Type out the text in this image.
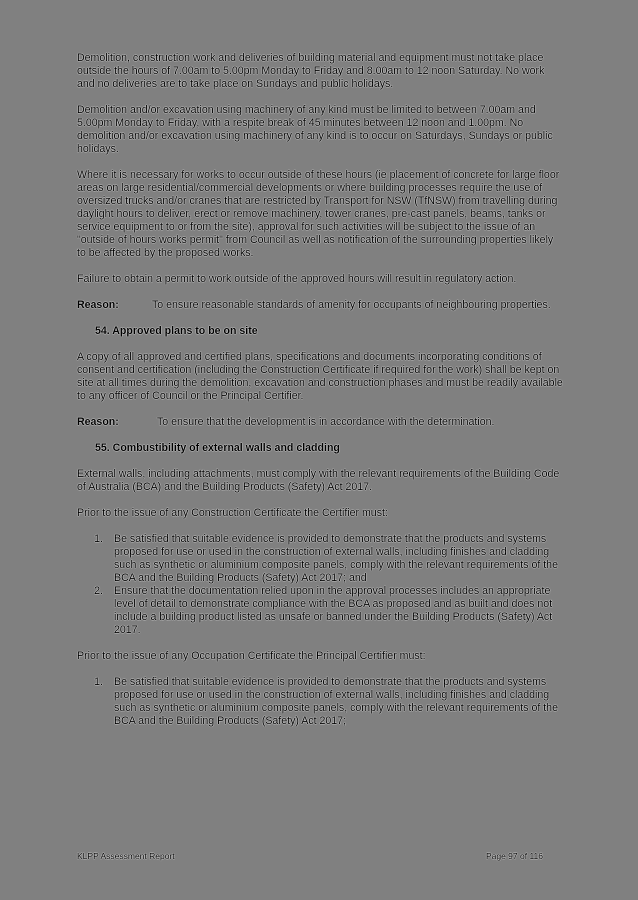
Demolition, construction work and deliveries of building material and equipment must not take place outside the hours of 7.00am to 5.00pm Monday to Friday and 8.00am to 12 noon Saturday. No work and no deliveries are to take place on Sundays and public holidays.

Demolition and/or excavation using machinery of any kind must be limited to between 7.00am and 5.00pm Monday to Friday, with a respite break of 45 minutes between 12 noon and 1.00pm. No demolition and/or excavation using machinery of any kind is to occur on Saturdays, Sundays or public holidays.

Where it is necessary for works to occur outside of these hours (ie placement of concrete for large floor areas on large residential/commercial developments or where building processes require the use of oversized trucks and/or cranes that are restricted by Transport for NSW (TfNSW) from travelling during daylight hours to deliver, erect or remove machinery, tower cranes, pre-cast panels, beams, tanks or service equipment to or from the site), approval for such activities will be subject to the issue of an "outside of hours works permit" from Council as well as notification of the surrounding properties likely to be affected by the proposed works.

Failure to obtain a permit to work outside of the approved hours will result in regulatory action.

Reason:	To ensure reasonable standards of amenity for occupants of neighbouring properties.
54. Approved plans to be on site

A copy of all approved and certified plans, specifications and documents incorporating conditions of consent and certification (including the Construction Certificate if required for the work) shall be kept on site at all times during the demolition, excavation and construction phases and must be readily available to any officer of Council or the Principal Certifier.

Reason:	To ensure that the development is in accordance with the determination.
55. Combustibility of external walls and cladding

External walls, including attachments, must comply with the relevant requirements of the Building Code of Australia (BCA) and the Building Products (Safety) Act 2017.

Prior to the issue of any Construction Certificate the Certifier must:

1.	Be satisfied that suitable evidence is provided to demonstrate that the products and systems proposed for use or used in the construction of external walls, including finishes and cladding such as synthetic or aluminium composite panels, comply with the relevant requirements of the BCA and the Building Products (Safety) Act 2017; and
2.	Ensure that the documentation relied upon in the approval processes includes an appropriate level of detail to demonstrate compliance with the BCA as proposed and as built and does not include a building product listed as unsafe or banned under the Building Products (Safety) Act 2017.

Prior to the issue of any Occupation Certificate the Principal Certifier must:

1.	Be satisfied that suitable evidence is provided to demonstrate that the products and systems proposed for use or used in the construction of external walls, including finishes and cladding such as synthetic or aluminium composite panels, comply with the relevant requirements of the BCA and the Building Products (Safety) Act 2017;
KLPP Assessment Report	Page 97 of 116
